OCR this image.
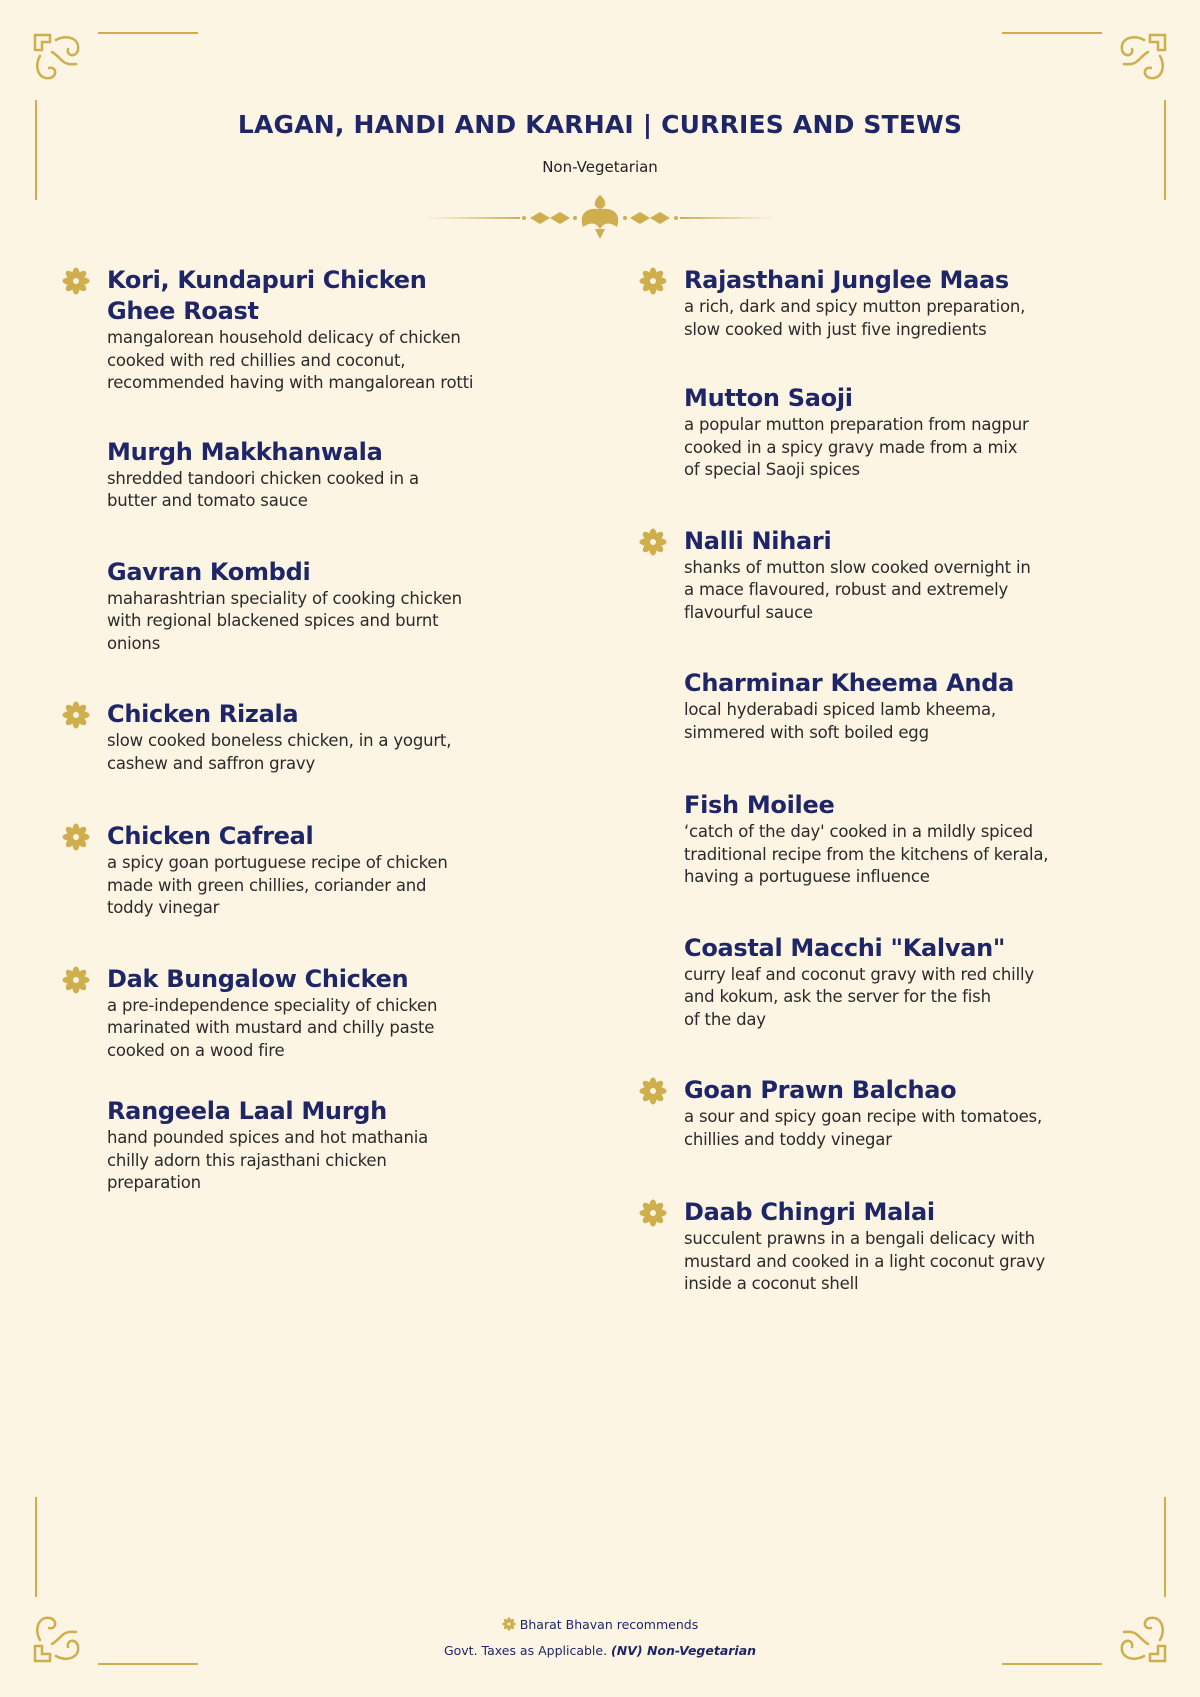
LAGAN, HANDI AND KARHAI | CURRIES AND STEWS
Non-Vegetarian
Kori, Kundapuri Chicken
Ghee Roast
mangalorean household delicacy of chicken
cooked with red chillies and coconut,
recommended having with mangalorean rotti
Murgh Makkhanwala
shredded tandoori chicken cooked in a
butter and tomato sauce
Gavran Kombdi
maharashtrian speciality of cooking chicken
with regional blackened spices and burnt
onions
Chicken Rizala
slow cooked boneless chicken, in a yogurt,
cashew and saffron gravy
Chicken Cafreal
a spicy goan portuguese recipe of chicken
made with green chillies, coriander and
toddy vinegar
Dak Bungalow Chicken
a pre-independence speciality of chicken
marinated with mustard and chilly paste
cooked on a wood fire
Rangeela Laal Murgh
hand pounded spices and hot mathania
chilly adorn this rajasthani chicken
preparation
Rajasthani Junglee Maas
a rich, dark and spicy mutton preparation,
slow cooked with just five ingredients
Mutton Saoji
a popular mutton preparation from nagpur
cooked in a spicy gravy made from a mix
of special Saoji spices
Nalli Nihari
shanks of mutton slow cooked overnight in
a mace flavoured, robust and extremely
flavourful sauce
Charminar Kheema Anda
local hyderabadi spiced lamb kheema,
simmered with soft boiled egg
Fish Moilee
‘catch of the day' cooked in a mildly spiced
traditional recipe from the kitchens of kerala,
having a portuguese influence
Coastal Macchi "Kalvan"
curry leaf and coconut gravy with red chilly
and kokum, ask the server for the fish
of the day
Goan Prawn Balchao
a sour and spicy goan recipe with tomatoes,
chillies and toddy vinegar
Daab Chingri Malai
succulent prawns in a bengali delicacy with
mustard and cooked in a light coconut gravy
inside a coconut shell
Bharat Bhavan recommends
Govt. Taxes as Applicable. (NV) Non-Vegetarian
